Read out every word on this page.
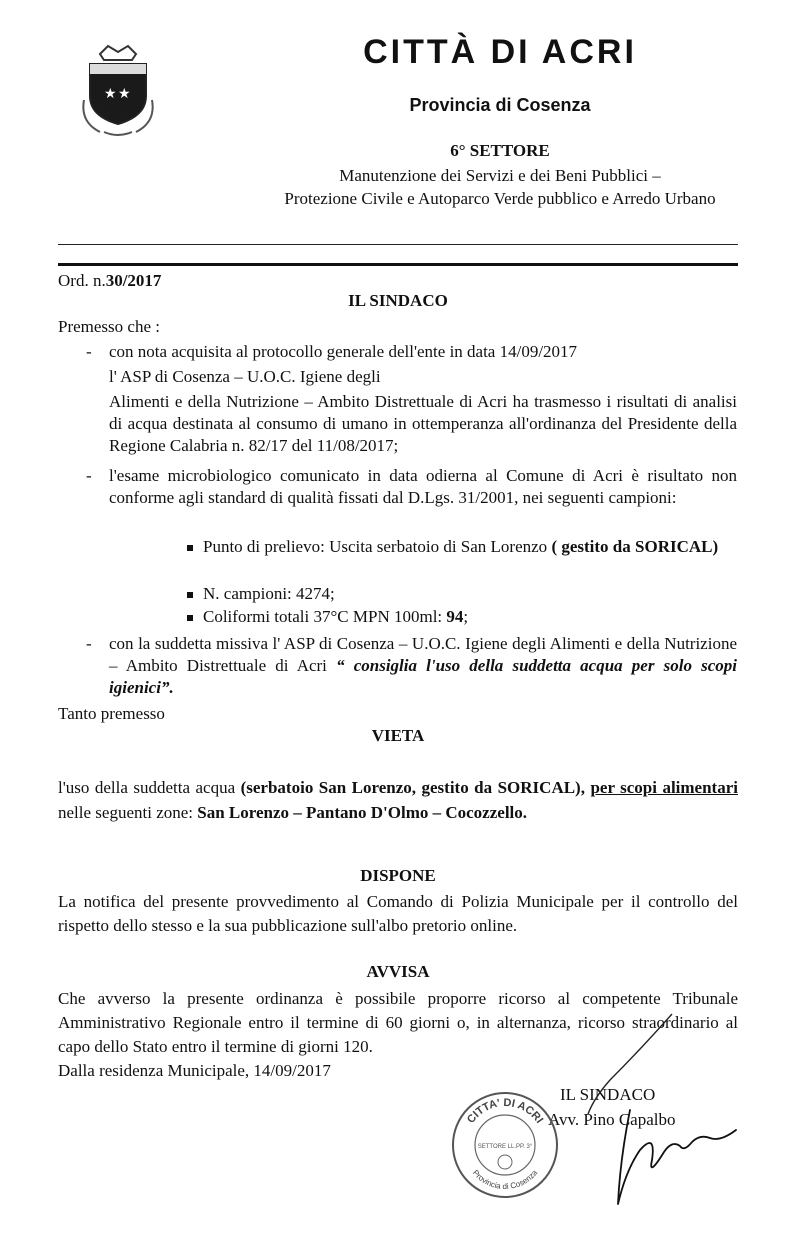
★ ★
CITTÀ DI ACRI
Provincia di Cosenza
6° SETTORE
Manutenzione dei Servizi e dei Beni Pubblici –
Protezione Civile e Autoparco Verde pubblico e Arredo Urbano
Ord. n.30/2017
IL SINDACO
Premesso che :
- con nota acquisita al protocollo generale dell'ente in data 14/09/2017
l' ASP di Cosenza – U.O.C. Igiene degli
Alimenti e della Nutrizione – Ambito Distrettuale di Acri ha trasmesso i risultati di analisi di acqua destinata al consumo di umano in ottemperanza all'ordinanza del Presidente della Regione Calabria n. 82/17 del 11/08/2017;
- l'esame microbiologico comunicato in data odierna al Comune di Acri è risultato non conforme agli standard di qualità fissati dal D.Lgs. 31/2001, nei seguenti campioni:
Punto di prelievo: Uscita serbatoio di San Lorenzo ( gestito da SORICAL)
N. campioni: 4274;
Coliformi totali 37°C MPN 100ml: 94;
- con la suddetta missiva l' ASP di Cosenza – U.O.C. Igiene degli Alimenti e della Nutrizione – Ambito Distrettuale di Acri “ consiglia l'uso della suddetta acqua per solo scopi igienici”.
Tanto premesso
VIETA
l'uso della suddetta acqua (serbatoio San Lorenzo, gestito da SORICAL), per scopi alimentari nelle seguenti zone: San Lorenzo – Pantano D'Olmo – Cocozzello.
DISPONE
La notifica del presente provvedimento al Comando di Polizia Municipale per il controllo del rispetto dello stesso e la sua pubblicazione sull'albo pretorio online.
AVVISA
Che avverso la presente ordinanza è possibile proporre ricorso al competente Tribunale Amministrativo Regionale entro il termine di 60 giorni o, in alternanza, ricorso straordinario al capo dello Stato entro il termine di giorni 120.
Dalla residenza Municipale, 14/09/2017
IL SINDACO
Avv. Pino Capalbo
CITTA' DI ACRI
Provincia di Cosenza
SETTORE LL.PP. 3°
